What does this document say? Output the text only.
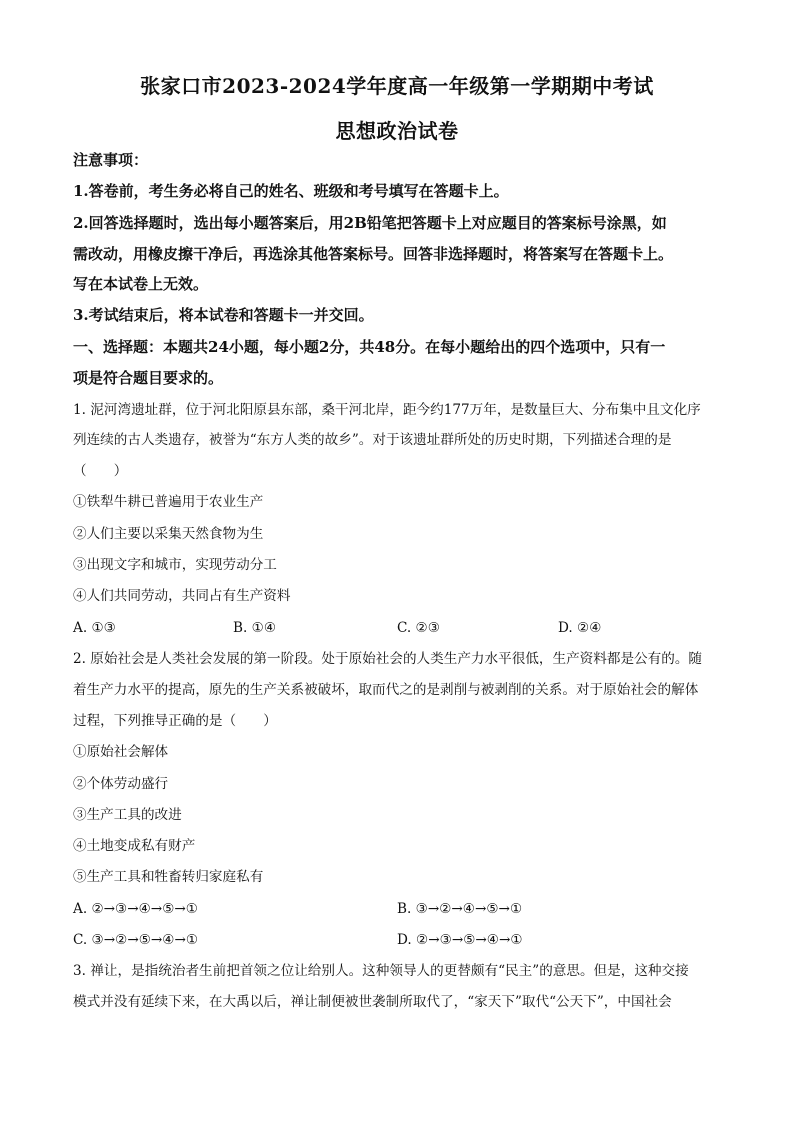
张家口市2023-2024学年度高一年级第一学期期中考试
思想政治试卷
注意事项：
1.答卷前，考生务必将自己的姓名、班级和考号填写在答题卡上。
2.回答选择题时，选出每小题答案后，用2B铅笔把答题卡上对应题目的答案标号涂黑，如
需改动，用橡皮擦干净后，再选涂其他答案标号。回答非选择题时，将答案写在答题卡上。
写在本试卷上无效。
3.考试结束后，将本试卷和答题卡一并交回。
一、选择题：本题共24小题，每小题2分，共48分。在每小题给出的四个选项中，只有一
项是符合题目要求的。
1. 泥河湾遗址群，位于河北阳原县东部，桑干河北岸，距今约177万年，是数量巨大、分布集中且文化序
列连续的古人类遗存，被誉为“东方人类的故乡”。对于该遗址群所处的历史时期，下列描述合理的是
（　　）
①铁犁牛耕已普遍用于农业生产
②人们主要以采集天然食物为生
③出现文字和城市，实现劳动分工
④人们共同劳动，共同占有生产资料
A. ①③	B. ①④	C. ②③	D. ②④
2. 原始社会是人类社会发展的第一阶段。处于原始社会的人类生产力水平很低，生产资料都是公有的。随
着生产力水平的提高，原先的生产关系被破坏，取而代之的是剥削与被剥削的关系。对于原始社会的解体
过程，下列推导正确的是（　　）
①原始社会解体
②个体劳动盛行
③生产工具的改进
④土地变成私有财产
⑤生产工具和牲畜转归家庭私有
A. ②→③→④→⑤→①	B. ③→②→④→⑤→①
C. ③→②→⑤→④→①	D. ②→③→⑤→④→①
3. 禅让，是指统治者生前把首领之位让给别人。这种领导人的更替颇有“民主”的意思。但是，这种交接
模式并没有延续下来，在大禹以后，禅让制便被世袭制所取代了，“家天下”取代“公天下”，中国社会
